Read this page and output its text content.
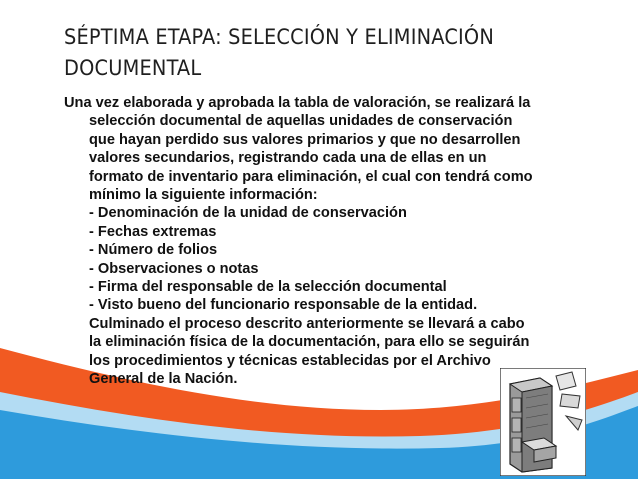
SÉPTIMA ETAPA: SELECCIÓN Y ELIMINACIÓN
DOCUMENTAL
Una vez elaborada y aprobada la tabla de valoración, se realizará la
selección documental de aquellas unidades de conservación
que hayan perdido sus valores primarios y que no desarrollen
valores secundarios, registrando cada una de ellas en un
formato de inventario para eliminación, el cual con tendrá como
mínimo la siguiente información:
- Denominación de la unidad de conservación
- Fechas extremas
- Número de folios
- Observaciones o notas
- Firma del responsable de la selección documental
- Visto bueno del funcionario responsable de la entidad.
Culminado el proceso descrito anteriormente se llevará a cabo
la eliminación física de la documentación, para ello se seguirán
los procedimientos y técnicas establecidas por el Archivo
General de la Nación.
